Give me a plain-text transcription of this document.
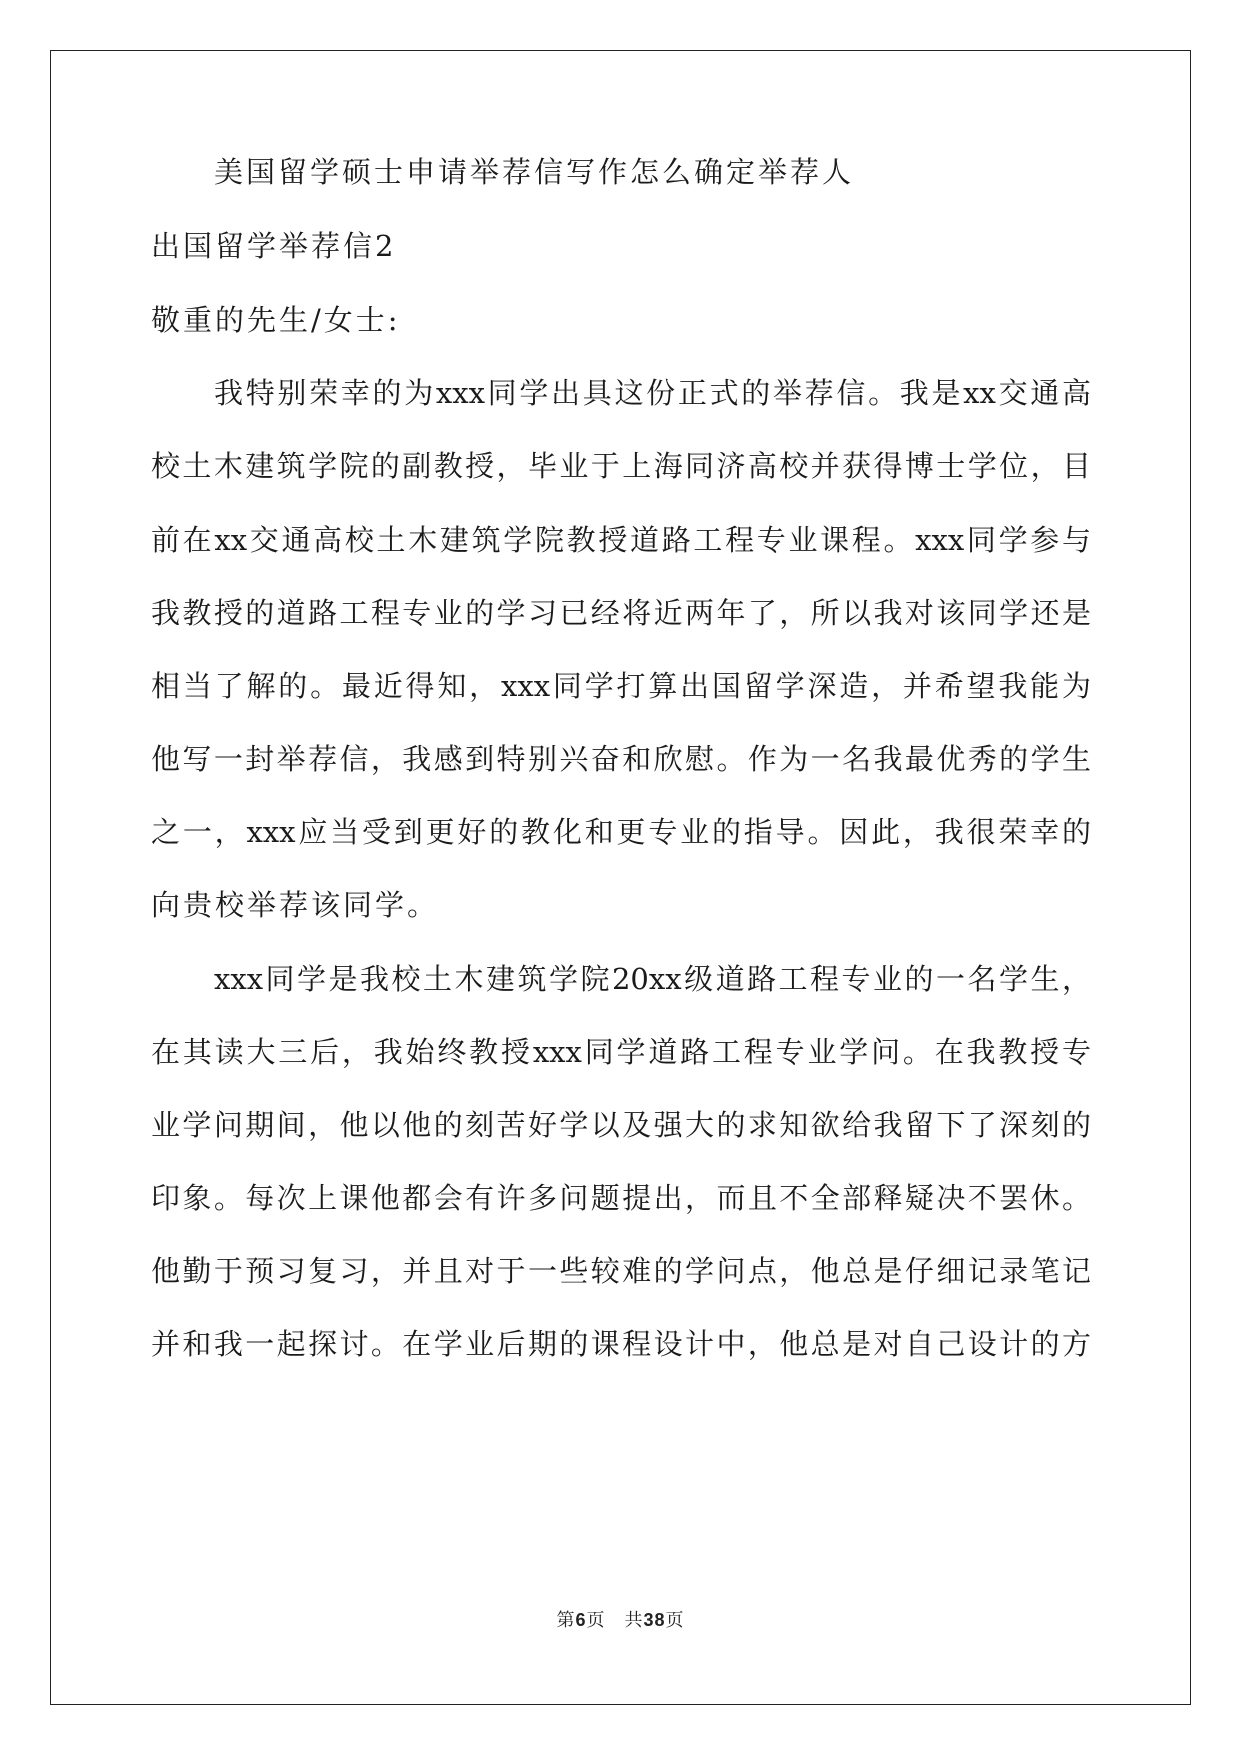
美国留学硕士申请举荐信写作怎么确定举荐人
出国留学举荐信2
敬重的先生/女士:
我特别荣幸的为xxx同学出具这份正式的举荐信。我是xx交通高
校土木建筑学院的副教授，毕业于上海同济高校并获得博士学位，目
前在xx交通高校土木建筑学院教授道路工程专业课程。xxx同学参与
我教授的道路工程专业的学习已经将近两年了，所以我对该同学还是
相当了解的。最近得知，xxx同学打算出国留学深造，并希望我能为
他写一封举荐信，我感到特别兴奋和欣慰。作为一名我最优秀的学生
之一，xxx应当受到更好的教化和更专业的指导。因此，我很荣幸的
向贵校举荐该同学。
xxx同学是我校土木建筑学院20xx级道路工程专业的一名学生，
在其读大三后，我始终教授xxx同学道路工程专业学问。在我教授专
业学问期间，他以他的刻苦好学以及强大的求知欲给我留下了深刻的
印象。每次上课他都会有许多问题提出，而且不全部释疑决不罢休。
他勤于预习复习，并且对于一些较难的学问点，他总是仔细记录笔记
并和我一起探讨。在学业后期的课程设计中，他总是对自己设计的方
第6页　共38页
